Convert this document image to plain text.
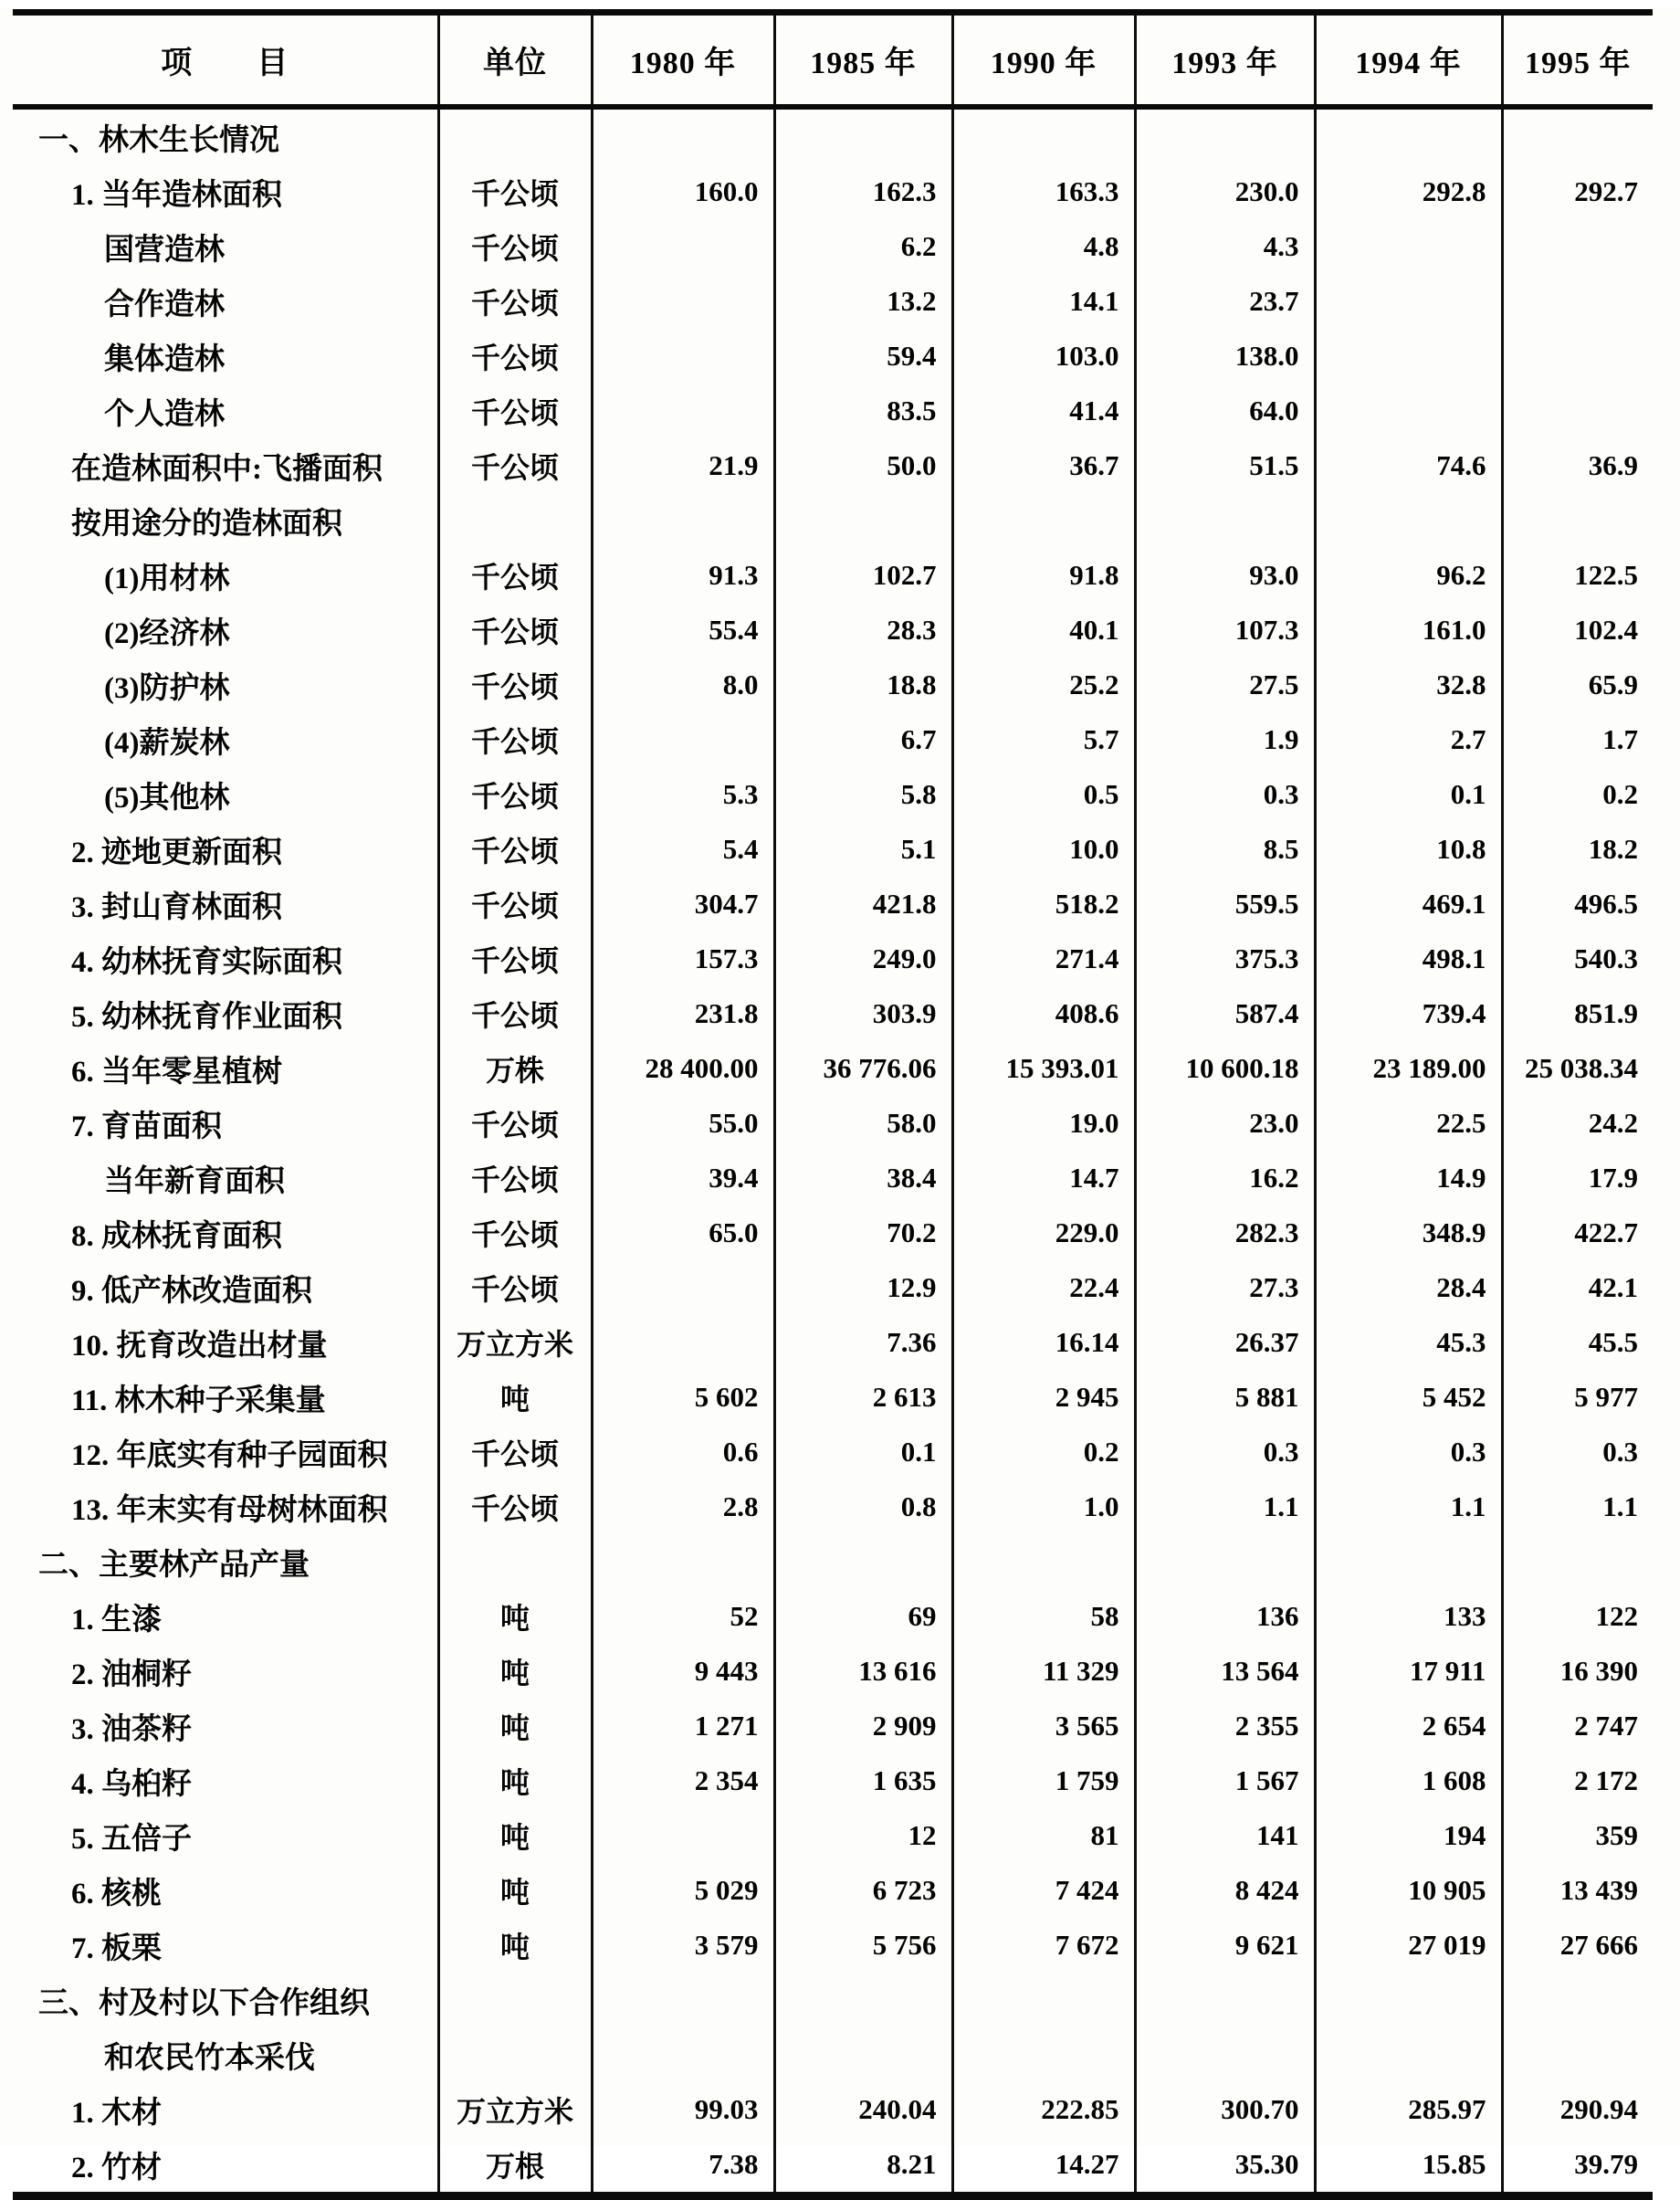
项　　目	单位	1980 年	1985 年	1990 年	1993 年	1994 年	1995 年
一、林木生长情况							
1. 当年造林面积	千公顷	160.0	162.3	163.3	230.0	292.8	292.7
国营造林	千公顷		6.2	4.8	4.3		
合作造林	千公顷		13.2	14.1	23.7		
集体造林	千公顷		59.4	103.0	138.0		
个人造林	千公顷		83.5	41.4	64.0		
在造林面积中:飞播面积	千公顷	21.9	50.0	36.7	51.5	74.6	36.9
按用途分的造林面积							
(1)用材林	千公顷	91.3	102.7	91.8	93.0	96.2	122.5
(2)经济林	千公顷	55.4	28.3	40.1	107.3	161.0	102.4
(3)防护林	千公顷	8.0	18.8	25.2	27.5	32.8	65.9
(4)薪炭林	千公顷		6.7	5.7	1.9	2.7	1.7
(5)其他林	千公顷	5.3	5.8	0.5	0.3	0.1	0.2
2. 迹地更新面积	千公顷	5.4	5.1	10.0	8.5	10.8	18.2
3. 封山育林面积	千公顷	304.7	421.8	518.2	559.5	469.1	496.5
4. 幼林抚育实际面积	千公顷	157.3	249.0	271.4	375.3	498.1	540.3
5. 幼林抚育作业面积	千公顷	231.8	303.9	408.6	587.4	739.4	851.9
6. 当年零星植树	万株	28 400.00	36 776.06	15 393.01	10 600.18	23 189.00	25 038.34
7. 育苗面积	千公顷	55.0	58.0	19.0	23.0	22.5	24.2
当年新育面积	千公顷	39.4	38.4	14.7	16.2	14.9	17.9
8. 成林抚育面积	千公顷	65.0	70.2	229.0	282.3	348.9	422.7
9. 低产林改造面积	千公顷		12.9	22.4	27.3	28.4	42.1
10. 抚育改造出材量	万立方米		7.36	16.14	26.37	45.3	45.5
11. 林木种子采集量	吨	5 602	2 613	2 945	5 881	5 452	5 977
12. 年底实有种子园面积	千公顷	0.6	0.1	0.2	0.3	0.3	0.3
13. 年末实有母树林面积	千公顷	2.8	0.8	1.0	1.1	1.1	1.1
二、主要林产品产量							
1. 生漆	吨	52	69	58	136	133	122
2. 油桐籽	吨	9 443	13 616	11 329	13 564	17 911	16 390
3. 油茶籽	吨	1 271	2 909	3 565	2 355	2 654	2 747
4. 乌桕籽	吨	2 354	1 635	1 759	1 567	1 608	2 172
5. 五倍子	吨		12	81	141	194	359
6. 核桃	吨	5 029	6 723	7 424	8 424	10 905	13 439
7. 板栗	吨	3 579	5 756	7 672	9 621	27 019	27 666
三、村及村以下合作组织							
和农民竹本采伐							
1. 木材	万立方米	99.03	240.04	222.85	300.70	285.97	290.94
2. 竹材	万根	7.38	8.21	14.27	35.30	15.85	39.79
